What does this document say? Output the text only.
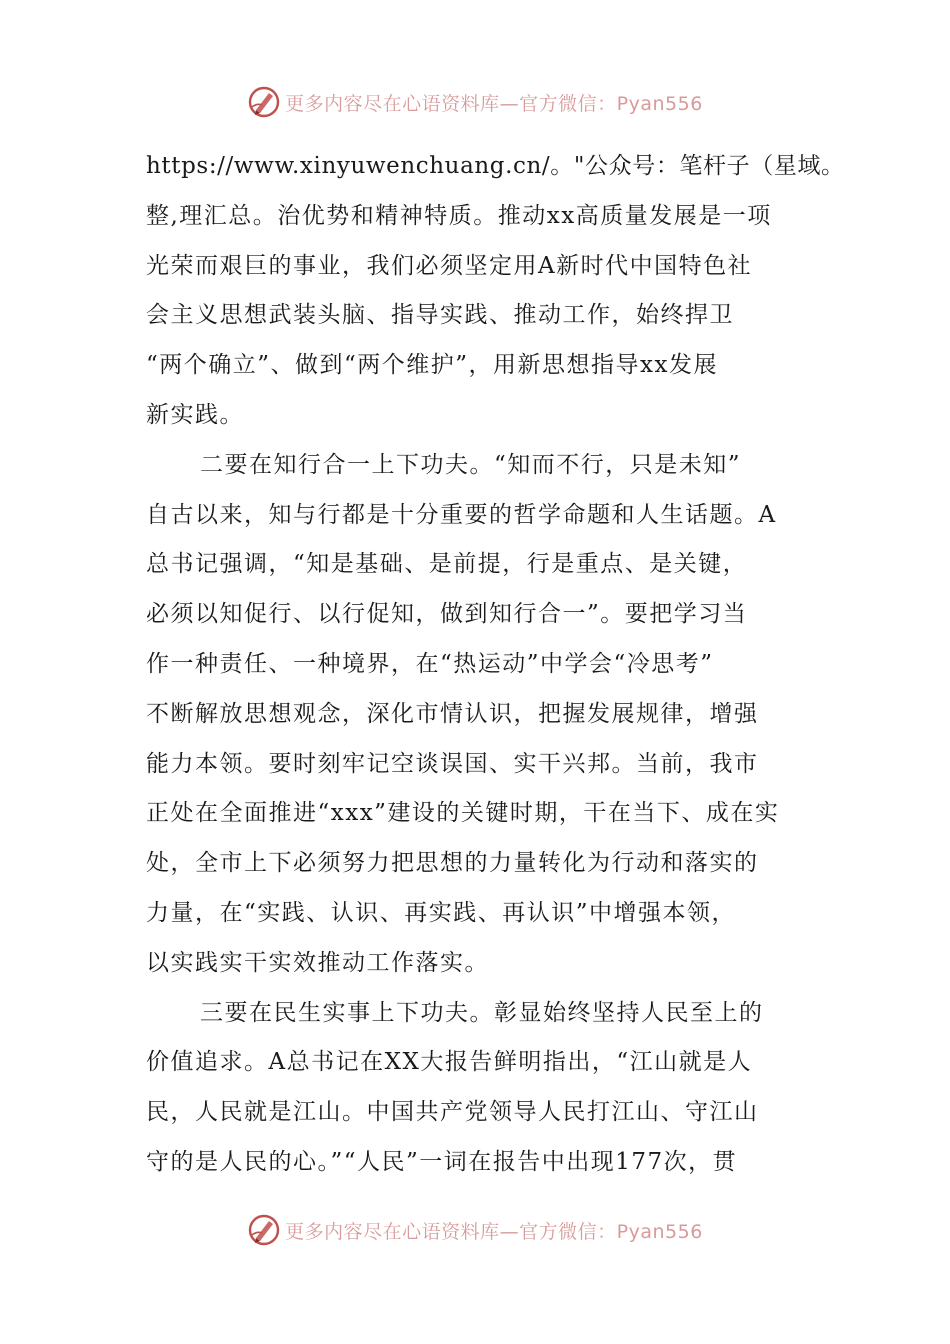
更多内容尽在心语资料库—官方微信：Pyan556
https://www.xinyuwenchuang.cn/。"公众号：笔杆子（星域。
整,理汇总。治优势和精神特质。推动xx高质量发展是一项
光荣而艰巨的事业，我们必须坚定用A新时代中国特色社
会主义思想武装头脑、指导实践、推动工作，始终捍卫
“两个确立”、做到“两个维护”，用新思想指导xx发展
新实践。
二要在知行合一上下功夫。“知而不行，只是未知”
自古以来，知与行都是十分重要的哲学命题和人生话题。A
总书记强调，“知是基础、是前提，行是重点、是关键，
必须以知促行、以行促知，做到知行合一”。要把学习当
作一种责任、一种境界，在“热运动”中学会“冷思考”
不断解放思想观念，深化市情认识，把握发展规律，增强
能力本领。要时刻牢记空谈误国、实干兴邦。当前，我市
正处在全面推进“xxx”建设的关键时期，干在当下、成在实
处，全市上下必须努力把思想的力量转化为行动和落实的
力量，在“实践、认识、再实践、再认识”中增强本领，
以实践实干实效推动工作落实。
三要在民生实事上下功夫。彰显始终坚持人民至上的
价值追求。A总书记在XX大报告鲜明指出，“江山就是人
民，人民就是江山。中国共产党领导人民打江山、守江山
守的是人民的心。”“人民”一词在报告中出现177次，贯
更多内容尽在心语资料库—官方微信：Pyan556
